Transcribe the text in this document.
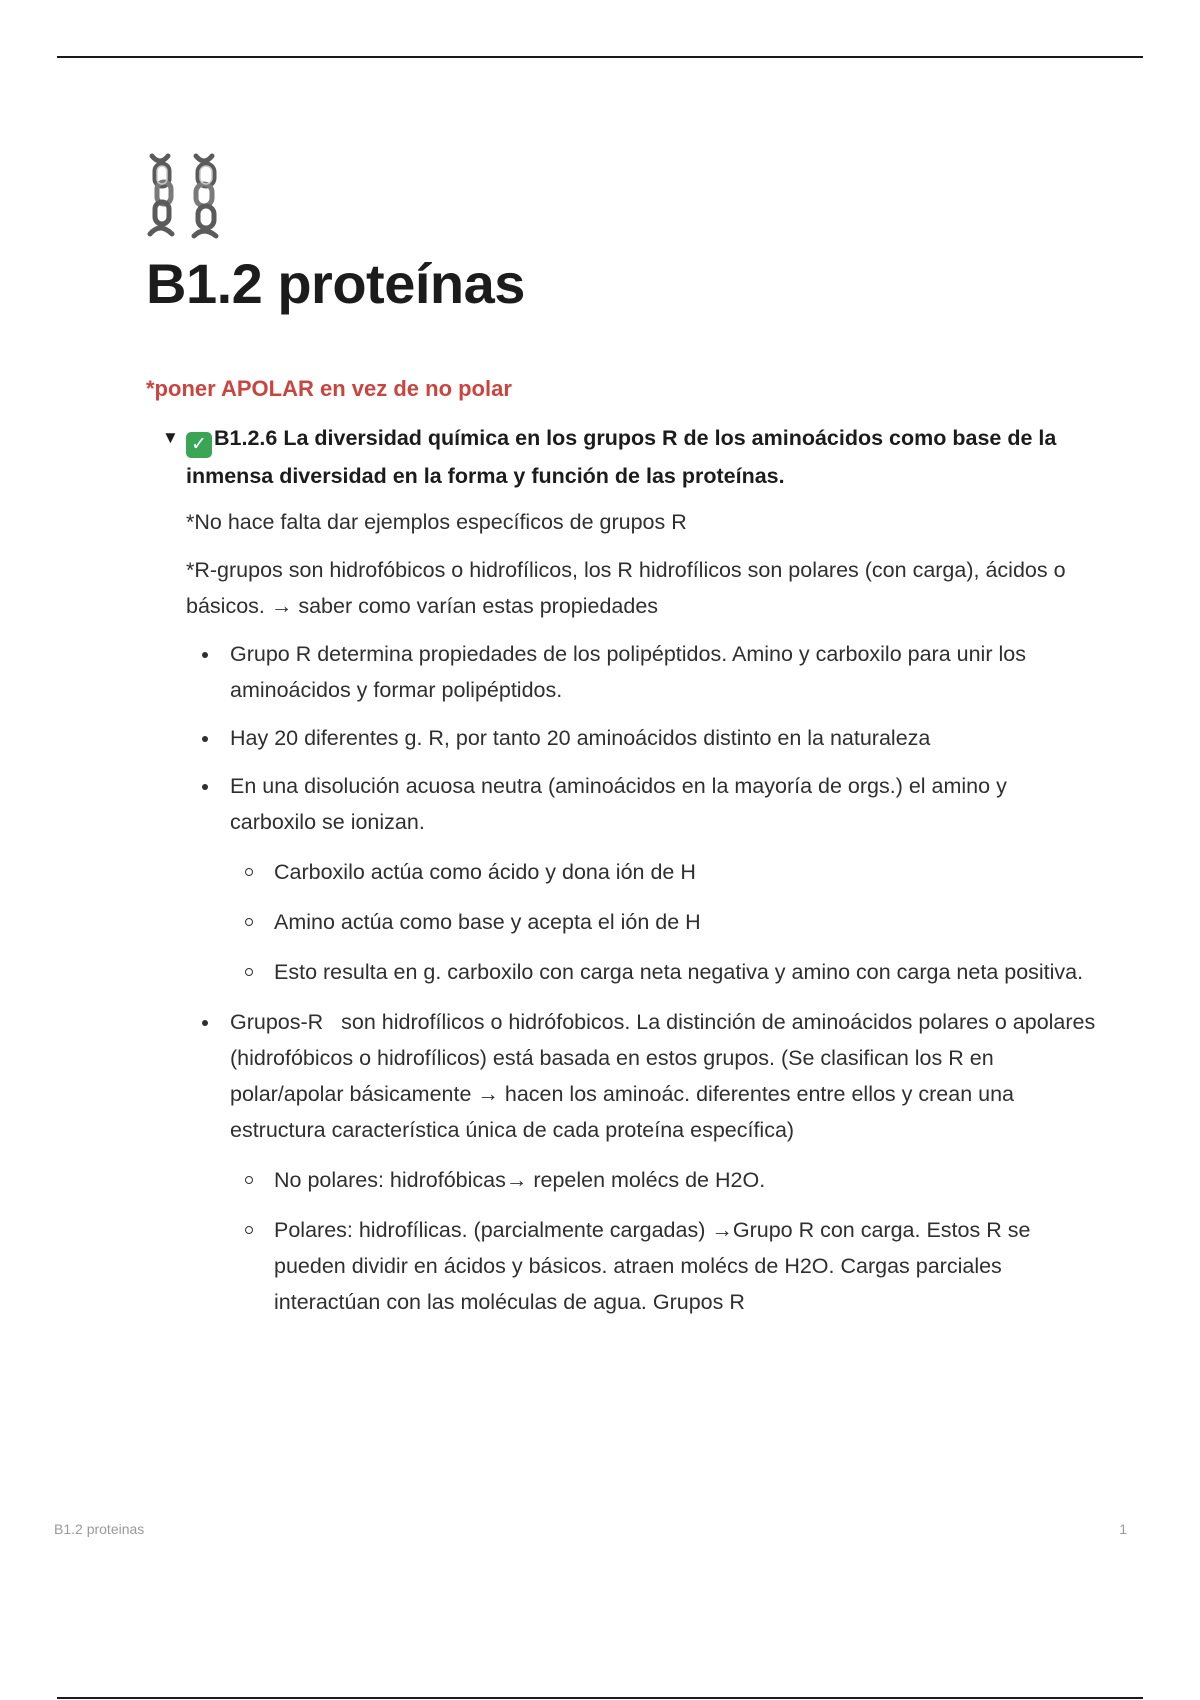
B1.2 proteínas
*poner APOLAR en vez de no polar
▼ ✓ B1.2.6 La diversidad química en los grupos R de los aminoácidos como base de la inmensa diversidad en la forma y función de las proteínas.

*No hace falta dar ejemplos específicos de grupos R

*R-grupos son hidrofóbicos o hidrofílicos, los R hidrofílicos son polares (con carga), ácidos o básicos. → saber como varían estas propiedades

Grupo R determina propiedades de los polipéptidos. Amino y carboxilo para unir los aminoácidos y formar polipéptidos.
Hay 20 diferentes g. R, por tanto 20 aminoácidos distinto en la naturaleza
En una disolución acuosa neutra (aminoácidos en la mayoría de orgs.) el amino y carboxilo se ionizan.
Carboxilo actúa como ácido y dona ión de H
Amino actúa como base y acepta el ión de H
Esto resulta en g. carboxilo con carga neta negativa y amino con carga neta positiva.
Grupos-R   son hidrofílicos o hidrófobicos. La distinción de aminoácidos polares o apolares (hidrofóbicos o hidrofílicos) está basada en estos grupos. (Se clasifican los R en polar/apolar básicamente → hacen los aminoác. diferentes entre ellos y crean una estructura característica única de cada proteína específica)
No polares: hidrofóbicas→ repelen molécs de H2O.
Polares: hidrofílicas. (parcialmente cargadas) →Grupo R con carga. Estos R se pueden dividir en ácidos y básicos. atraen molécs de H2O. Cargas parciales interactúan con las moléculas de agua. Grupos R
B1.2 proteinas	1
